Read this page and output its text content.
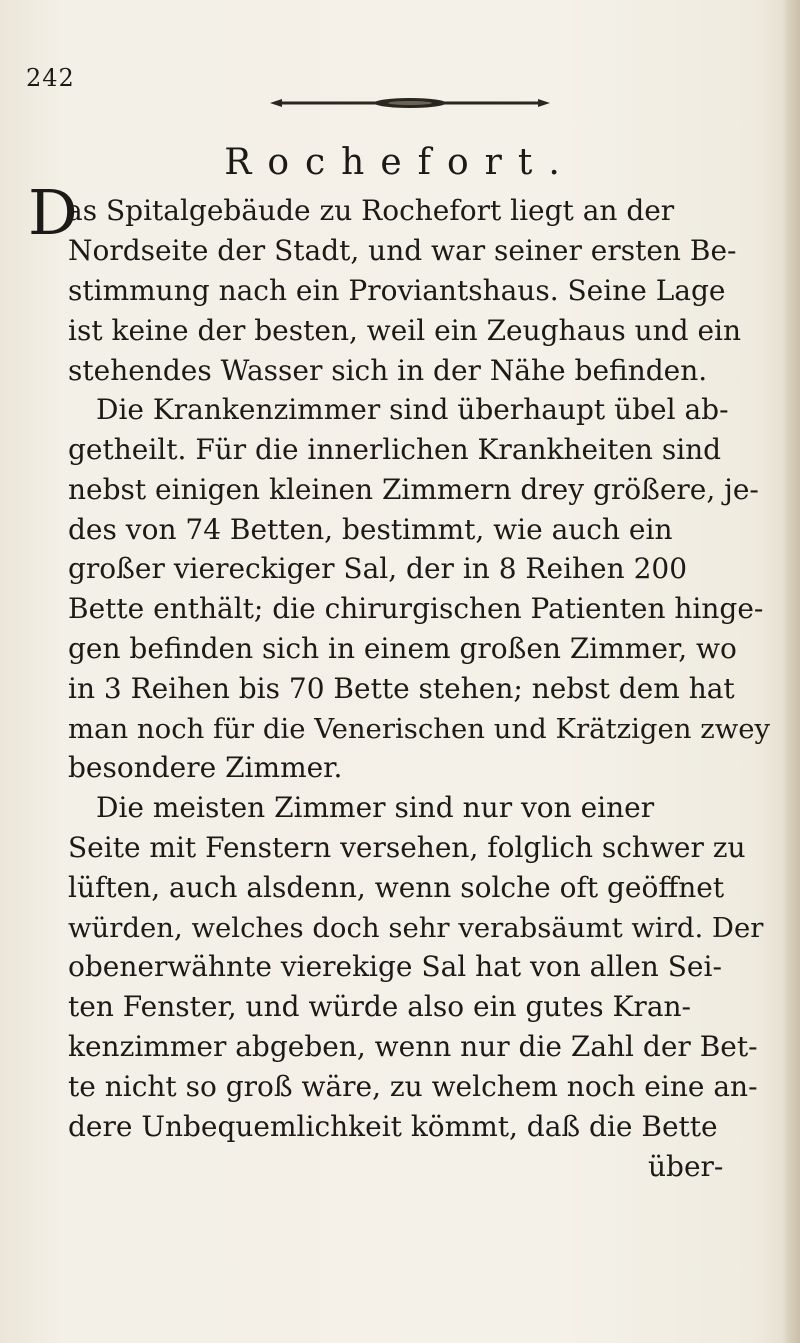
242
Rochefort.
D
as Spitalgebäude zu Rochefort liegt an der
Nordseite der Stadt, und war seiner ersten Be-
stimmung nach ein Proviantshaus. Seine Lage
ist keine der besten, weil ein Zeughaus und ein
stehendes Wasser sich in der Nähe befinden.
Die Krankenzimmer sind überhaupt übel ab-
getheilt. Für die innerlichen Krankheiten sind
nebst einigen kleinen Zimmern drey größere, je-
des von 74 Betten, bestimmt, wie auch ein
großer viereckiger Sal, der in 8 Reihen 200
Bette enthält; die chirurgischen Patienten hinge-
gen befinden sich in einem großen Zimmer, wo
in 3 Reihen bis 70 Bette stehen; nebst dem hat
man noch für die Venerischen und Krätzigen zwey
besondere Zimmer.
Die meisten Zimmer sind nur von einer
Seite mit Fenstern versehen, folglich schwer zu
lüften, auch alsdenn, wenn solche oft geöffnet
würden, welches doch sehr verabsäumt wird. Der
obenerwähnte vierekige Sal hat von allen Sei-
ten Fenster, und würde also ein gutes Kran-
kenzimmer abgeben, wenn nur die Zahl der Bet-
te nicht so groß wäre, zu welchem noch eine an-
dere Unbequemlichkeit kömmt, daß die Bette
über-
